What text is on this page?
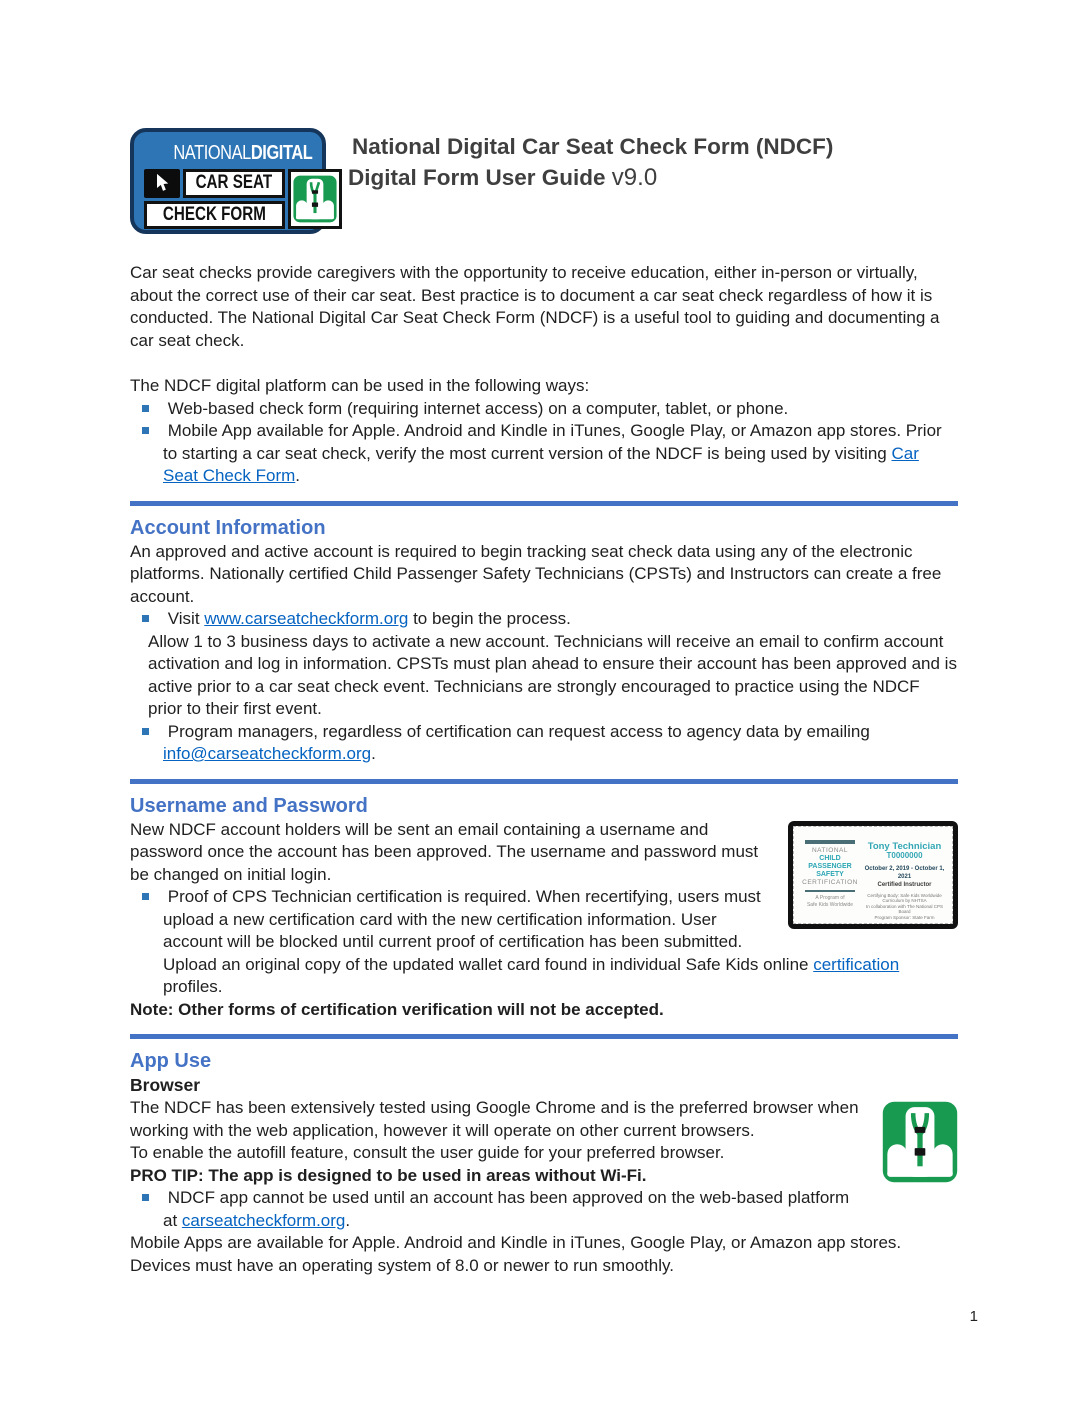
NATIONAL DIGITAL
CAR SEAT
CHECK FORM
National Digital Car Seat Check Form (NDCF)
Digital Form User Guide v9.0
Car seat checks provide caregivers with the opportunity to receive education, either in-person or virtually, about the correct use of their car seat. Best practice is to document a car seat check regardless of how it is conducted. The National Digital Car Seat Check Form (NDCF) is a useful tool to guiding and documenting a car seat check.
The NDCF digital platform can be used in the following ways:
Web-based check form (requiring internet access) on a computer, tablet, or phone.
Mobile App available for Apple. Android and Kindle in iTunes, Google Play, or Amazon app stores. Prior to starting a car seat check, verify the most current version of the NDCF is being used by visiting Car Seat Check Form.
Account Information
An approved and active account is required to begin tracking seat check data using any of the electronic platforms. Nationally certified Child Passenger Safety Technicians (CPSTs) and Instructors can create a free account.
Visit www.carseatcheckform.org to begin the process.
Allow 1 to 3 business days to activate a new account. Technicians will receive an email to confirm account activation and log in information. CPSTs must plan ahead to ensure their account has been approved and is active prior to a car seat check event. Technicians are strongly encouraged to practice using the NDCF prior to their first event.
Program managers, regardless of certification can request access to agency data by emailing info@carseatcheckform.org.
Username and Password
NATIONAL
CHILD
PASSENGER
SAFETY
CERTIFICATION
A Program of
Safe Kids Worldwide
Tony Technician
T0000000
October 2, 2019 - October 1, 2021
Certified Instructor
Certifying Body: Safe Kids Worldwide
Curriculum by NHTSA
In collaboration with The National CPS Board
Program Sponsor: State Farm
New NDCF account holders will be sent an email containing a username and password once the account has been approved. The username and password must be changed on initial login.
Proof of CPS Technician certification is required. When recertifying, users must upload a new certification card with the new certification information. User account will be blocked until current proof of certification has been submitted. Upload an original copy of the updated wallet card found in individual Safe Kids online certification profiles.
Note: Other forms of certification verification will not be accepted.
App Use
Browser
The NDCF has been extensively tested using Google Chrome and is the preferred browser when working with the web application, however it will operate on other current browsers.
To enable the autofill feature, consult the user guide for your preferred browser.
PRO TIP: The app is designed to be used in areas without Wi-Fi.
NDCF app cannot be used until an account has been approved on the web-based platform at carseatcheckform.org.
Mobile Apps are available for Apple. Android and Kindle in iTunes, Google Play, or Amazon app stores. Devices must have an operating system of 8.0 or newer to run smoothly.
1
